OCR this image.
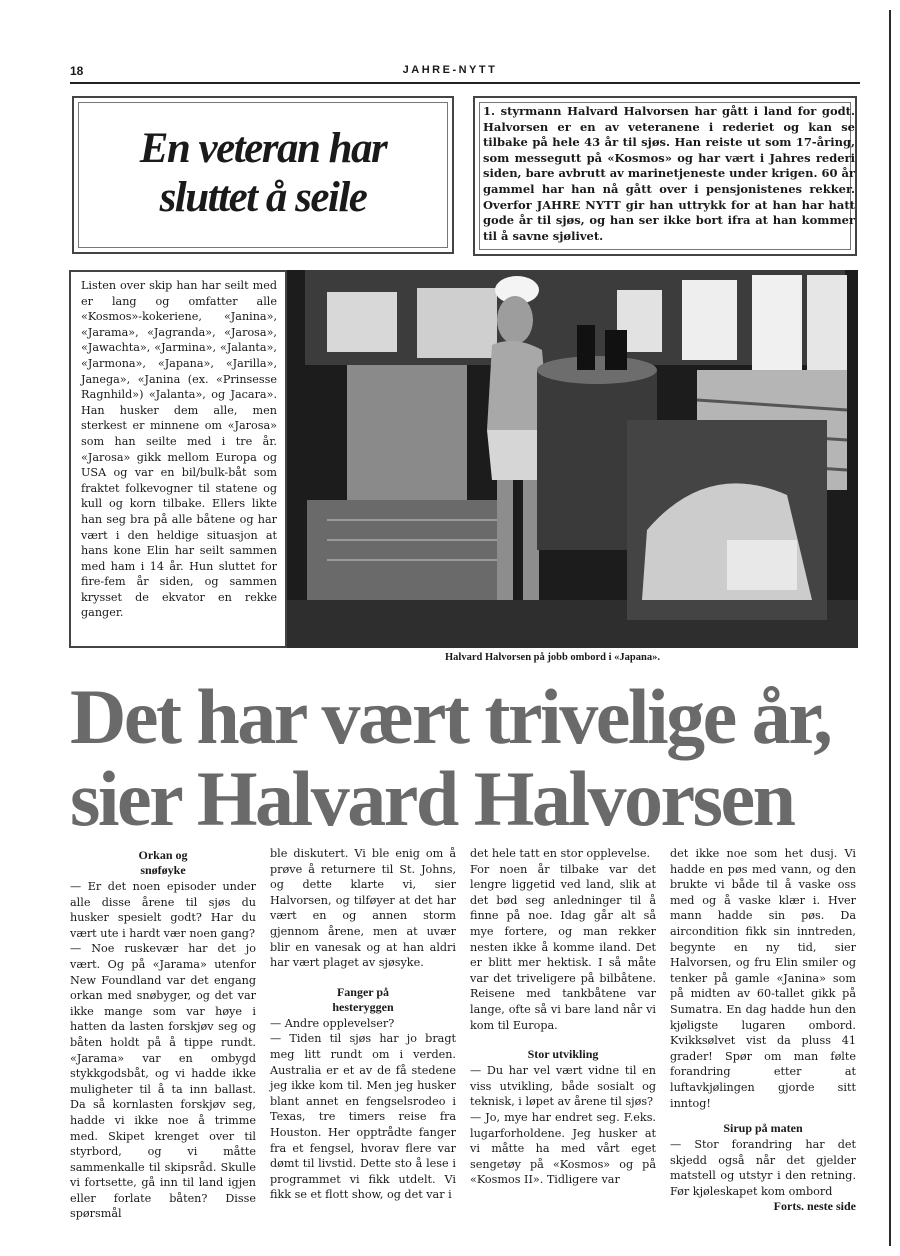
18	JAHRE-NYTT
En veteran har
sluttet å seile
1. styrmann Halvard Halvorsen har gått i land for godt. Halvorsen er en av veteranene i rederiet og kan se tilbake på hele 43 år til sjøs. Han reiste ut som 17-åring, som messegutt på «Kosmos» og har vært i Jahres rederi siden, bare avbrutt av marinetjeneste under krigen. 60 år gammel har han nå gått over i pensjonistenes rekker. Overfor JAHRE NYTT gir han uttrykk for at han har hatt gode år til sjøs, og han ser ikke bort ifra at han kommer til å savne sjølivet.
Listen over skip han har seilt med er lang og omfatter alle «Kosmos»-kokeriene, «Janina», «Jarama», «Jagranda», «Jarosa», «Jawachta», «Jarmina», «Jalanta», «Jarmona», «Japana», «Jarilla», Janega», «Janina (ex. «Prinsesse Ragnhild») «Jalanta», og Jacara». Han husker dem alle, men sterkest er minnene om «Jarosa» som han seilte med i tre år. «Jarosa» gikk mellom Europa og USA og var en bil/bulk-båt som fraktet folkevogner til statene og kull og korn tilbake. Ellers likte han seg bra på alle båtene og har vært i den heldige situasjon at hans kone Elin har seilt sammen med ham i 14 år. Hun sluttet for fire-fem år siden, og sammen krysset de ekvator en rekke ganger.
Halvard Halvorsen på jobb ombord i «Japana».
Det har vært trivelige år,
sier Halvard Halvorsen
Orkan og
snøføyke
— Er det noen episoder under alle disse årene til sjøs du husker spesielt godt? Har du vært ute i hardt vær noen gang?
— Noe ruskevær har det jo vært. Og på «Jarama» utenfor New Foundland var det engang orkan med snøbyger, og det var ikke mange som var høye i hatten da lasten forskjøv seg og båten holdt på å tippe rundt. «Jarama» var en ombygd stykkgodsbåt, og vi hadde ikke muligheter til å ta inn ballast. Da så kornlasten forskjøv seg, hadde vi ikke noe å trimme med. Skipet krenget over til styrbord, og vi måtte sammenkalle til skipsråd. Skulle vi fortsette, gå inn til land igjen eller forlate båten? Disse spørsmål
ble diskutert. Vi ble enig om å prøve å returnere til St. Johns, og dette klarte vi, sier Halvorsen, og tilføyer at det har vært en og annen storm gjennom årene, men at uvær blir en vanesak og at han aldri har vært plaget av sjøsyke.
Fanger på
hesteryggen
— Andre opplevelser?
— Tiden til sjøs har jo bragt meg litt rundt om i verden. Australia er et av de få stedene jeg ikke kom til. Men jeg husker blant annet en fengselsrodeo i Texas, tre timers reise fra Houston. Her opptrådte fanger fra et fengsel, hvorav flere var dømt til livstid. Dette sto å lese i programmet vi fikk utdelt. Vi fikk se et flott show, og det var i
det hele tatt en stor opplevelse.
For noen år tilbake var det lengre liggetid ved land, slik at det bød seg anledninger til å finne på noe. Idag går alt så mye fortere, og man rekker nesten ikke å komme iland. Det er blitt mer hektisk. I så måte var det triveligere på bilbåtene. Reisene med tankbåtene var lange, ofte så vi bare land når vi kom til Europa.
Stor utvikling
— Du har vel vært vidne til en viss utvikling, både sosialt og teknisk, i løpet av årene til sjøs?
— Jo, mye har endret seg. F.eks. lugarforholdene. Jeg husker at vi måtte ha med vårt eget sengetøy på «Kosmos» og på «Kosmos II». Tidligere var
det ikke noe som het dusj. Vi hadde en pøs med vann, og den brukte vi både til å vaske oss med og å vaske klær i. Hver mann hadde sin pøs. Da aircondition fikk sin inntreden, begynte en ny tid, sier Halvorsen, og fru Elin smiler og tenker på gamle «Janina» som på midten av 60-tallet gikk på Sumatra. En dag hadde hun den kjøligste lugaren ombord. Kvikksølvet vist da pluss 41 grader! Spør om man følte forandring etter at luftavkjølingen gjorde sitt inntog!
Sirup på maten
— Stor forandring har det skjedd også når det gjelder matstell og utstyr i den retning. Før kjøleskapet kom ombord
Forts. neste side
